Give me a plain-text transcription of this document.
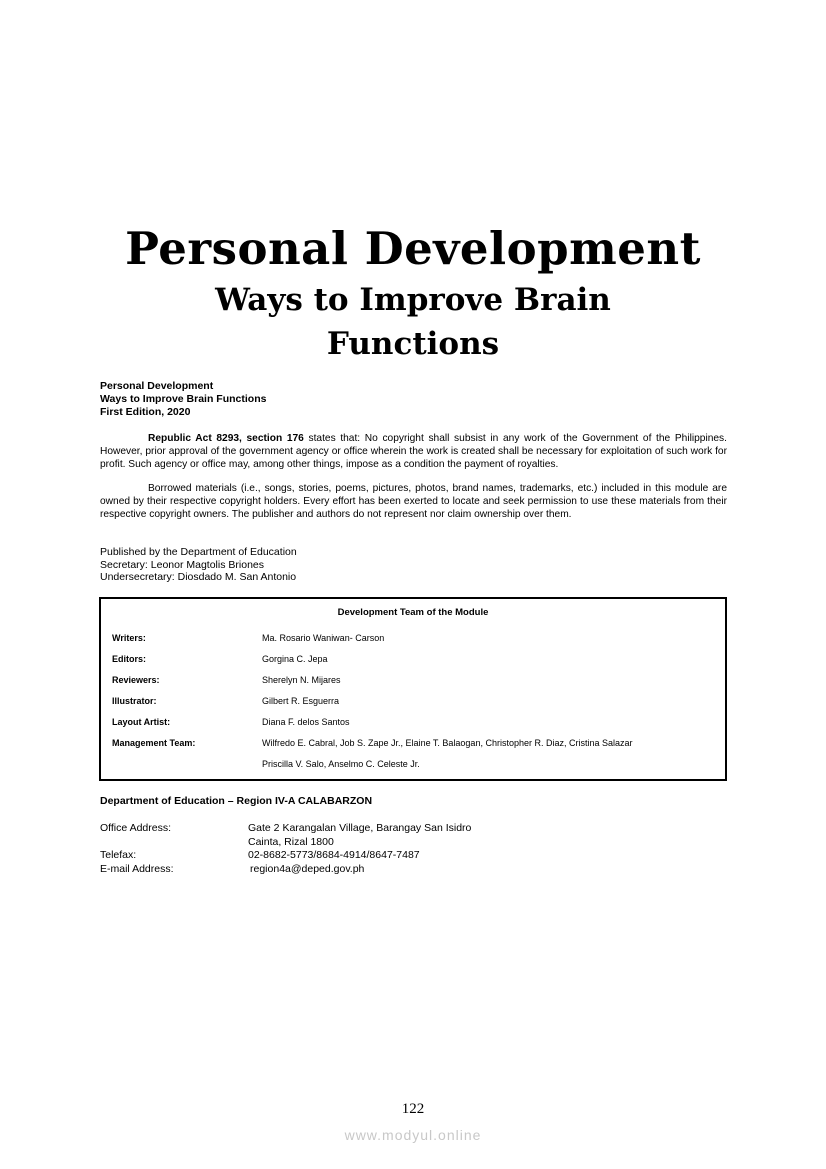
Personal Development
Ways to Improve Brain
Functions
Personal Development
Ways to Improve Brain Functions
First Edition, 2020
Republic Act 8293, section 176 states that: No copyright shall subsist in any work of the Government of the Philippines. However, prior approval of the government agency or office wherein the work is created shall be necessary for exploitation of such work for profit. Such agency or office may, among other things, impose as a condition the payment of royalties.
Borrowed materials (i.e., songs, stories, poems, pictures, photos, brand names, trademarks, etc.) included in this module are owned by their respective copyright holders. Every effort has been exerted to locate and seek permission to use these materials from their respective copyright owners. The publisher and authors do not represent nor claim ownership over them.
Published by the Department of Education
Secretary: Leonor Magtolis Briones
Undersecretary: Diosdado M. San Antonio
Development Team of the Module
Writers:	Ma. Rosario Waniwan- Carson
Editors:	Gorgina C. Jepa
Reviewers:	Sherelyn N. Mijares
Illustrator:	Gilbert R. Esguerra
Layout Artist:	Diana F. delos Santos
Management Team:	Wilfredo E. Cabral, Job S. Zape Jr., Elaine T. Balaogan, Christopher R. Diaz, Cristina Salazar
Priscilla V. Salo, Anselmo C. Celeste Jr.
Department of Education – Region IV-A CALABARZON
Office Address:	Gate 2 Karangalan Village, Barangay San Isidro
Cainta, Rizal 1800
Telefax:	02-8682-5773/8684-4914/8647-7487
E-mail Address:	region4a@deped.gov.ph
122
www.modyul.online
